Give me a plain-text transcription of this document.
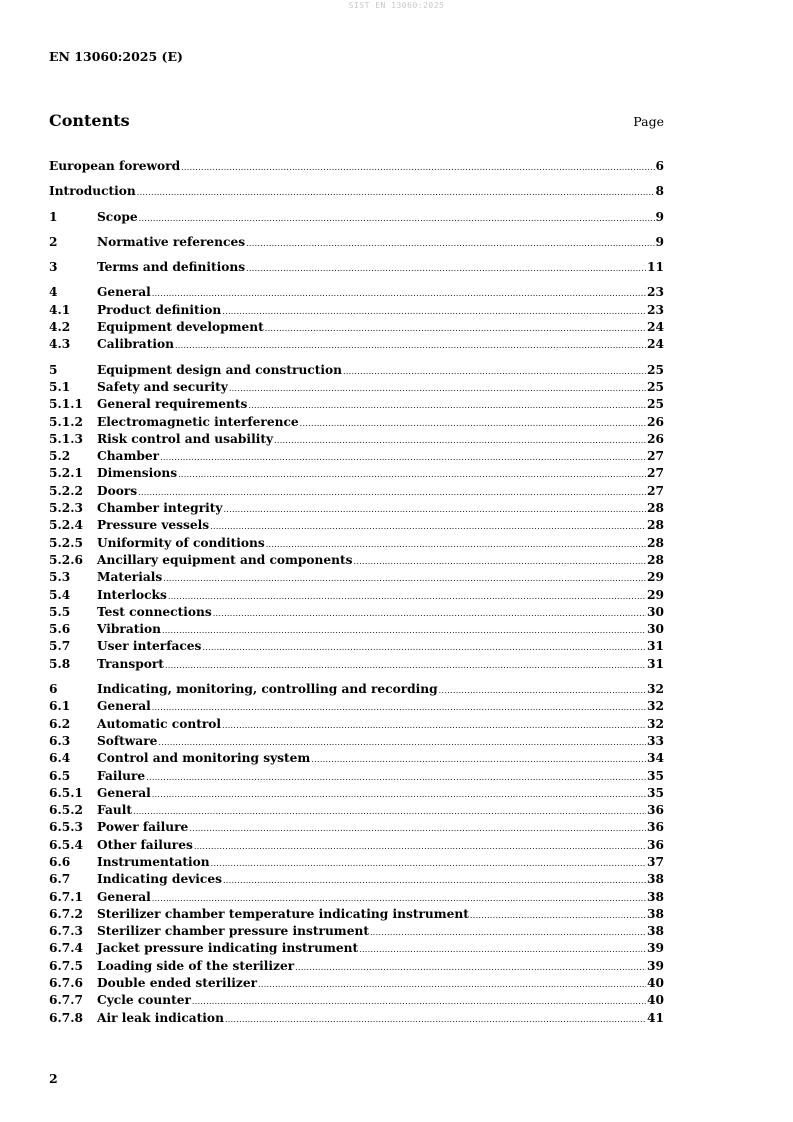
SIST EN 13060:2025
EN 13060:2025 (E)
Contents	Page
European foreword .....	6
Introduction .....	8
1	Scope .....	9
2	Normative references .....	9
3	Terms and definitions .....	11
4	General .....	23
4.1	Product definition .....	23
4.2	Equipment development .....	24
4.3	Calibration .....	24
5	Equipment design and construction .....	25
5.1	Safety and security .....	25
5.1.1	General requirements .....	25
5.1.2	Electromagnetic interference .....	26
5.1.3	Risk control and usability .....	26
5.2	Chamber .....	27
5.2.1	Dimensions .....	27
5.2.2	Doors .....	27
5.2.3	Chamber integrity .....	28
5.2.4	Pressure vessels .....	28
5.2.5	Uniformity of conditions .....	28
5.2.6	Ancillary equipment and components .....	28
5.3	Materials .....	29
5.4	Interlocks .....	29
5.5	Test connections .....	30
5.6	Vibration .....	30
5.7	User interfaces .....	31
5.8	Transport .....	31
6	Indicating, monitoring, controlling and recording .....	32
6.1	General .....	32
6.2	Automatic control .....	32
6.3	Software .....	33
6.4	Control and monitoring system .....	34
6.5	Failure .....	35
6.5.1	General .....	35
6.5.2	Fault .....	36
6.5.3	Power failure .....	36
6.5.4	Other failures .....	36
6.6	Instrumentation .....	37
6.7	Indicating devices .....	38
6.7.1	General .....	38
6.7.2	Sterilizer chamber temperature indicating instrument .....	38
6.7.3	Sterilizer chamber pressure instrument .....	38
6.7.4	Jacket pressure indicating instrument .....	39
6.7.5	Loading side of the sterilizer .....	39
6.7.6	Double ended sterilizer .....	40
6.7.7	Cycle counter .....	40
6.7.8	Air leak indication .....	41
2
